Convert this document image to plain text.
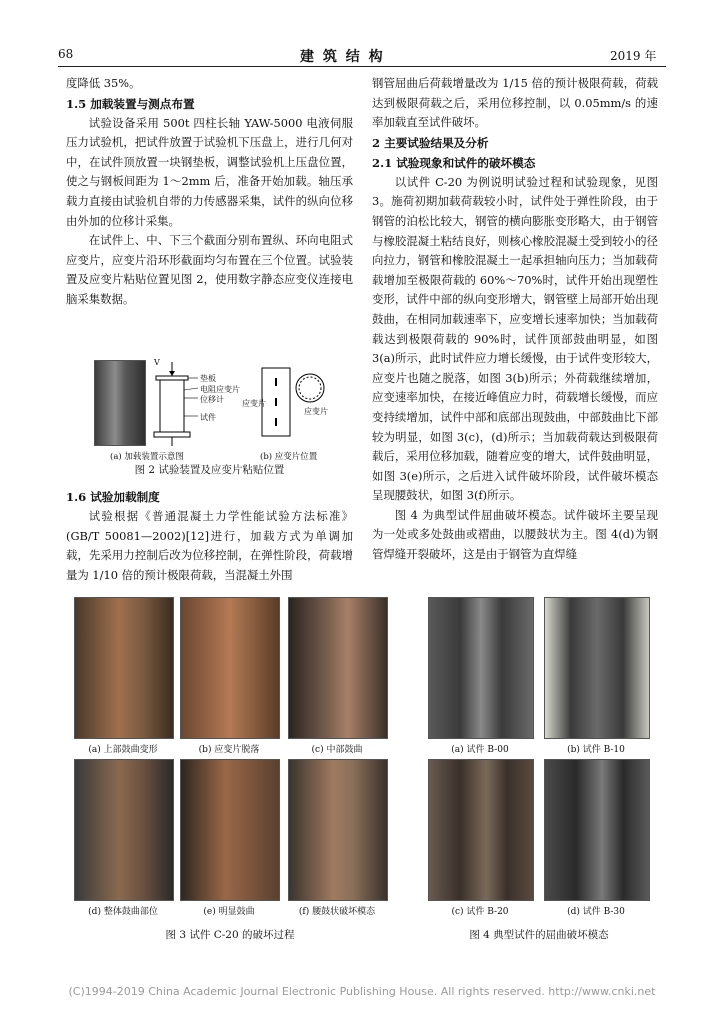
68	建 筑 结 构	2019 年

度降低 35%。

1.5 加载装置与测点布置

试验设备采用 500t 四柱长轴 YAW-5000 电液伺服压力试验机，把试件放置于试验机下压盘上，进行几何对中，在试件顶放置一块钢垫板，调整试验机上压盘位置，使之与钢板间距为 1～2mm 后，准备开始加载。轴压承载力直接由试验机自带的力传感器采集，试件的纵向位移由外加的位移计采集。

在试件上、中、下三个截面分别布置纵、环向电阻式应变片，应变片沿环形截面均匀布置在三个位置。试验装置及应变片粘贴位置见图 2，使用数字静态应变仪连接电脑采集数据。

V
垫板
电阻应变片
位移计
试件
应变片
应变片
(a) 加载装置示意图	(b) 应变片位置
图 2 试验装置及应变片粘贴位置
1.6 试验加载制度

试验根据《普通混凝土力学性能试验方法标准》(GB/T 50081—2002)[12]进行，加载方式为单调加载，先采用力控制后改为位移控制，在弹性阶段，荷载增量为 1/10 倍的预计极限荷载，当混凝土外围

钢管屈曲后荷载增量改为 1/15 倍的预计极限荷载，荷载达到极限荷载之后，采用位移控制，以 0.05mm/s 的速率加载直至试件破坏。

2 主要试验结果及分析
2.1 试验现象和试件的破坏模态

以试件 C-20 为例说明试验过程和试验现象，见图 3。施荷初期加载荷载较小时，试件处于弹性阶段，由于钢管的泊松比较大，钢管的横向膨胀变形略大，由于钢管与橡胶混凝土粘结良好，则核心橡胶混凝土受到较小的径向拉力，钢管和橡胶混凝土一起承担轴向压力；当加载荷载增加至极限荷载的 60%～70%时，试件开始出现塑性变形，试件中部的纵向变形增大，钢管壁上局部开始出现鼓曲，在相同加载速率下，应变增长速率加快；当加载荷载达到极限荷载的 90%时，试件顶部鼓曲明显，如图 3(a)所示，此时试件应力增长缓慢，由于试件变形较大，应变片也随之脱落，如图 3(b)所示；外荷载继续增加，应变速率加快，在接近峰值应力时，荷载增长缓慢，而应变持续增加，试件中部和底部出现鼓曲，中部鼓曲比下部较为明显，如图 3(c)，(d)所示；当加载荷载达到极限荷载后，采用位移加载，随着应变的增大，试件鼓曲明显，如图 3(e)所示，之后进入试件破坏阶段，试件破坏模态呈现腰鼓状，如图 3(f)所示。

图 4 为典型试件屈曲破坏模态。试件破坏主要呈现为一处或多处鼓曲或褶曲，以腰鼓状为主。图 4(d)为钢管焊缝开裂破坏，这是由于钢管为直焊缝

(a) 上部鼓曲变形	(b) 应变片脱落	(c) 中部鼓曲
(d) 整体鼓曲部位	(e) 明显鼓曲	(f) 腰鼓状破坏模态
图 3 试件 C-20 的破坏过程
(a) 试件 B-00	(b) 试件 B-10
(c) 试件 B-20	(d) 试件 B-30
图 4 典型试件的屈曲破坏模态
(C)1994-2019 China Academic Journal Electronic Publishing House. All rights reserved. http://www.cnki.net
